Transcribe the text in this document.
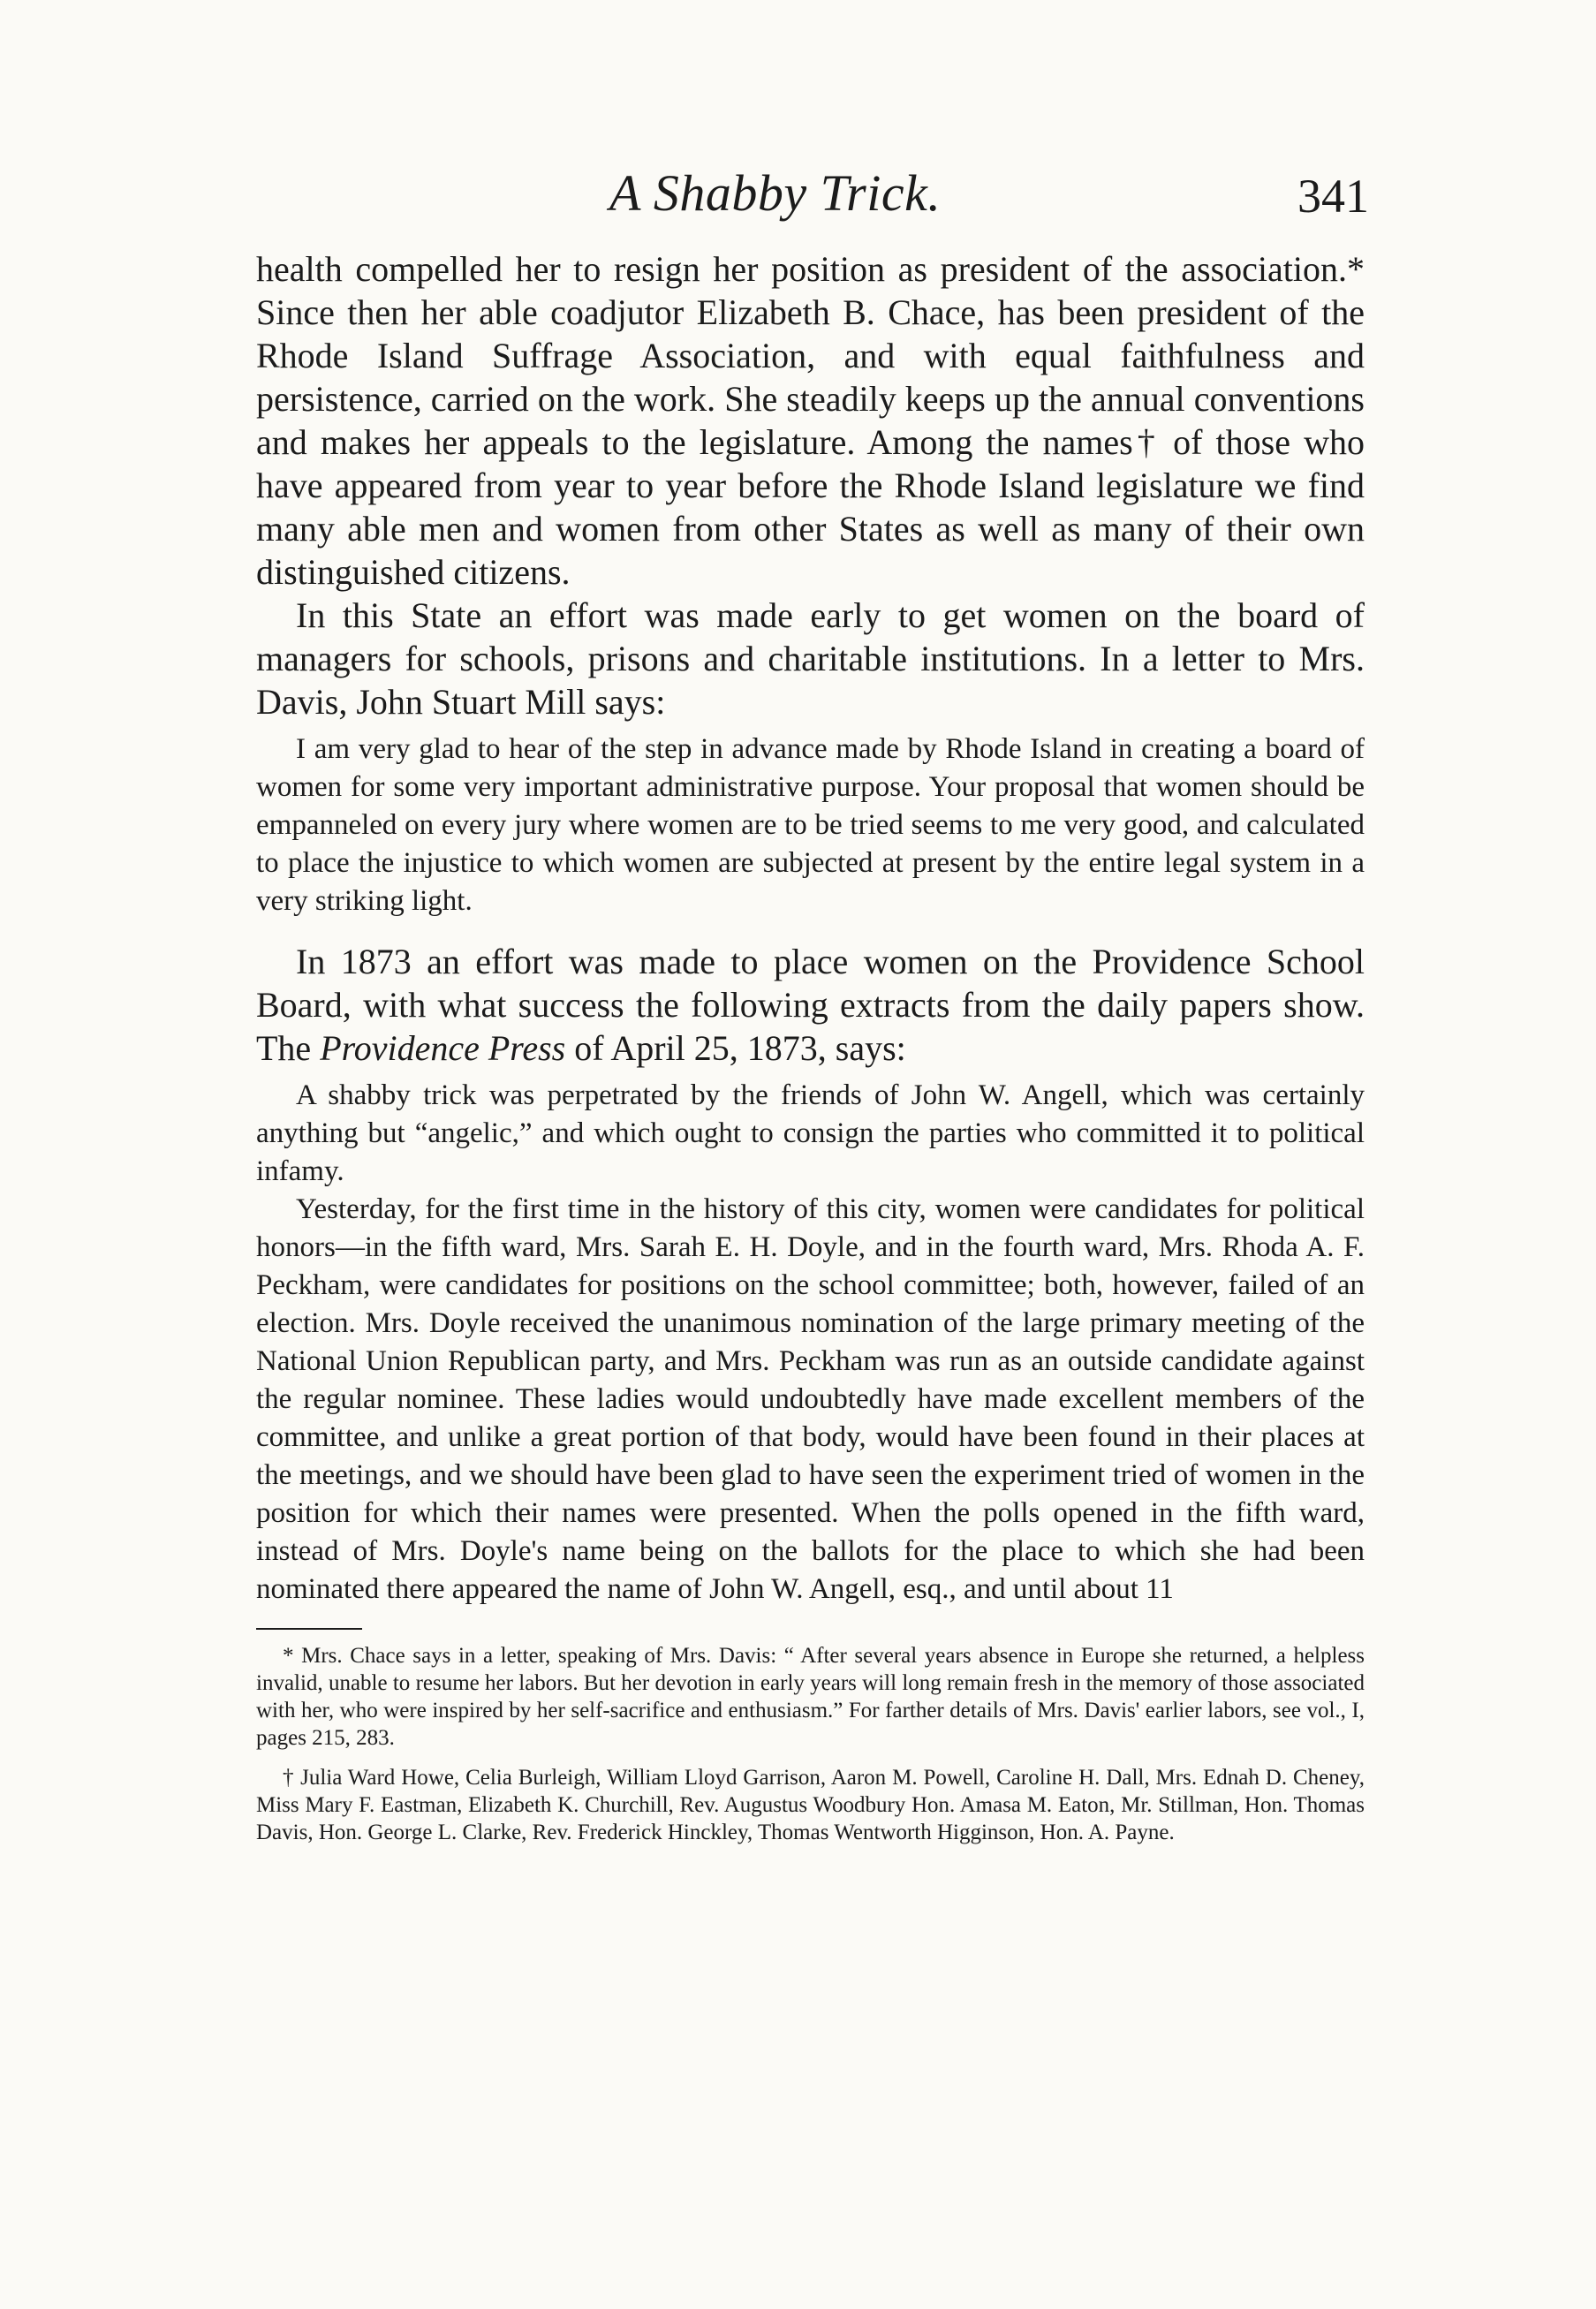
A Shabby Trick.	341

health compelled her to resign her position as president of the association.* Since then her able coadjutor Elizabeth B. Chace, has been president of the Rhode Island Suffrage Association, and with equal faithfulness and persistence, carried on the work. She steadily keeps up the annual conventions and makes her appeals to the legislature. Among the names† of those who have appeared from year to year before the Rhode Island legislature we find many able men and women from other States as well as many of their own distinguished citizens.

In this State an effort was made early to get women on the board of managers for schools, prisons and charitable institutions. In a letter to Mrs. Davis, John Stuart Mill says:

I am very glad to hear of the step in advance made by Rhode Island in creating a board of women for some very important administrative purpose. Your proposal that women should be empanneled on every jury where women are to be tried seems to me very good, and calculated to place the injustice to which women are subjected at present by the entire legal system in a very striking light.

In 1873 an effort was made to place women on the Providence School Board, with what success the following extracts from the daily papers show. The Providence Press of April 25, 1873, says:

A shabby trick was perpetrated by the friends of John W. Angell, which was certainly anything but “angelic,” and which ought to consign the parties who committed it to political infamy.

Yesterday, for the first time in the history of this city, women were candidates for political honors—in the fifth ward, Mrs. Sarah E. H. Doyle, and in the fourth ward, Mrs. Rhoda A. F. Peckham, were candidates for positions on the school committee; both, however, failed of an election. Mrs. Doyle received the unanimous nomination of the large primary meeting of the National Union Republican party, and Mrs. Peckham was run as an outside candidate against the regular nominee. These ladies would undoubtedly have made excellent members of the committee, and unlike a great portion of that body, would have been found in their places at the meetings, and we should have been glad to have seen the experiment tried of women in the position for which their names were presented. When the polls opened in the fifth ward, instead of Mrs. Doyle's name being on the ballots for the place to which she had been nominated there appeared the name of John W. Angell, esq., and until about 11

* Mrs. Chace says in a letter, speaking of Mrs. Davis: “ After several years absence in Europe she returned, a helpless invalid, unable to resume her labors. But her devotion in early years will long remain fresh in the memory of those associated with her, who were inspired by her self-sacrifice and enthusiasm.” For farther details of Mrs. Davis' earlier labors, see vol., I, pages 215, 283.

† Julia Ward Howe, Celia Burleigh, William Lloyd Garrison, Aaron M. Powell, Caroline H. Dall, Mrs. Ednah D. Cheney, Miss Mary F. Eastman, Elizabeth K. Churchill, Rev. Augustus Woodbury Hon. Amasa M. Eaton, Mr. Stillman, Hon. Thomas Davis, Hon. George L. Clarke, Rev. Frederick Hinckley, Thomas Wentworth Higginson, Hon. A. Payne.
